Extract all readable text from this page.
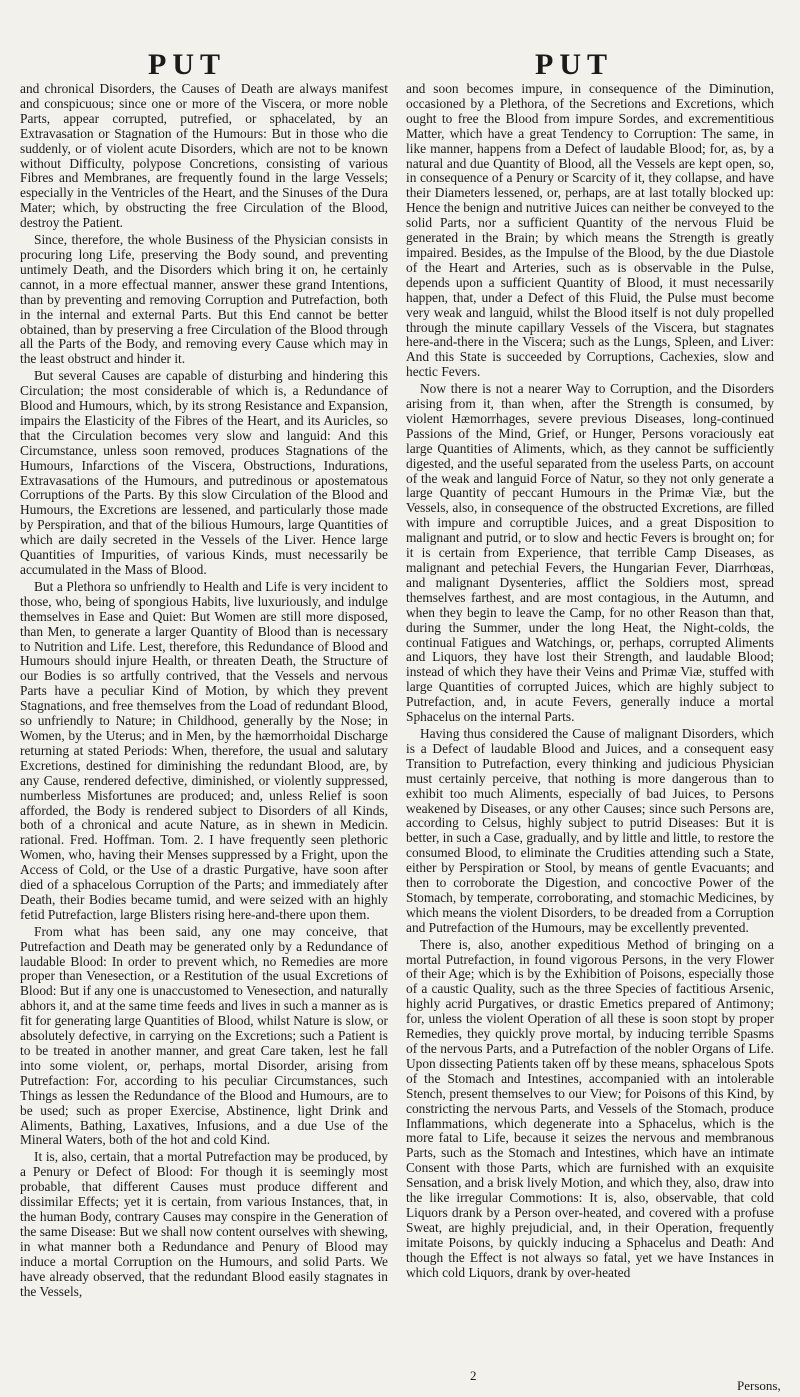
PUT	PUT

and chronical Disorders, the Causes of Death are always manifest and conspicuous; since one or more of the Viscera, or more noble Parts, appear corrupted, putrefied, or sphacelated, by an Extravasation or Stagnation of the Humours: But in those who die suddenly, or of violent acute Disorders, which are not to be known without Difficulty, polypose Concretions, consisting of various Fibres and Membranes, are frequently found in the large Vessels; especially in the Ventricles of the Heart, and the Sinuses of the Dura Mater; which, by obstructing the free Circulation of the Blood, destroy the Patient.

Since, therefore, the whole Business of the Physician consists in procuring long Life, preserving the Body sound, and preventing untimely Death, and the Disorders which bring it on, he certainly cannot, in a more effectual manner, answer these grand Intentions, than by preventing and removing Corruption and Putrefaction, both in the internal and external Parts. But this End cannot be better obtained, than by preserving a free Circulation of the Blood through all the Parts of the Body, and removing every Cause which may in the least obstruct and hinder it.

But several Causes are capable of disturbing and hindering this Circulation; the most considerable of which is, a Redundance of Blood and Humours, which, by its strong Resistance and Expansion, impairs the Elasticity of the Fibres of the Heart, and its Auricles, so that the Circulation becomes very slow and languid: And this Circumstance, unless soon removed, produces Stagnations of the Humours, Infarctions of the Viscera, Obstructions, Indurations, Extravasations of the Humours, and putredinous or apostematous Corruptions of the Parts. By this slow Circulation of the Blood and Humours, the Excretions are lessened, and particularly those made by Perspiration, and that of the bilious Humours, large Quantities of which are daily secreted in the Vessels of the Liver. Hence large Quantities of Impurities, of various Kinds, must necessarily be accumulated in the Mass of Blood.

But a Plethora so unfriendly to Health and Life is very incident to those, who, being of spongious Habits, live luxuriously, and indulge themselves in Ease and Quiet: But Women are still more disposed, than Men, to generate a larger Quantity of Blood than is necessary to Nutrition and Life. Lest, therefore, this Redundance of Blood and Humours should injure Health, or threaten Death, the Structure of our Bodies is so artfully contrived, that the Vessels and nervous Parts have a peculiar Kind of Motion, by which they prevent Stagnations, and free themselves from the Load of redundant Blood, so unfriendly to Nature; in Childhood, generally by the Nose; in Women, by the Uterus; and in Men, by the hæmorrhoidal Discharge returning at stated Periods: When, therefore, the usual and salutary Excretions, destined for diminishing the redundant Blood, are, by any Cause, rendered defective, diminished, or violently suppressed, numberless Misfortunes are produced; and, unless Relief is soon afforded, the Body is rendered subject to Disorders of all Kinds, both of a chronical and acute Nature, as in shewn in Medicin. rational. Fred. Hoffman. Tom. 2. I have frequently seen plethoric Women, who, having their Menses suppressed by a Fright, upon the Access of Cold, or the Use of a drastic Purgative, have soon after died of a sphacelous Corruption of the Parts; and immediately after Death, their Bodies became tumid, and were seized with an highly fetid Putrefaction, large Blisters rising here-and-there upon them.

From what has been said, any one may conceive, that Putrefaction and Death may be generated only by a Redundance of laudable Blood: In order to prevent which, no Remedies are more proper than Venesection, or a Restitution of the usual Excretions of Blood: But if any one is unaccustomed to Venesection, and naturally abhors it, and at the same time feeds and lives in such a manner as is fit for generating large Quantities of Blood, whilst Nature is slow, or absolutely defective, in carrying on the Excretions; such a Patient is to be treated in another manner, and great Care taken, lest he fall into some violent, or, perhaps, mortal Disorder, arising from Putrefaction: For, according to his peculiar Circumstances, such Things as lessen the Redundance of the Blood and Humours, are to be used; such as proper Exercise, Abstinence, light Drink and Aliments, Bathing, Laxatives, Infusions, and a due Use of the Mineral Waters, both of the hot and cold Kind.

It is, also, certain, that a mortal Putrefaction may be produced, by a Penury or Defect of Blood: For though it is seemingly most probable, that different Causes must produce different and dissimilar Effects; yet it is certain, from various Instances, that, in the human Body, contrary Causes may conspire in the Generation of the same Disease: But we shall now content ourselves with shewing, in what manner both a Redundance and Penury of Blood may induce a mortal Corruption on the Humours, and solid Parts. We have already observed, that the redundant Blood easily stagnates in the Vessels,

and soon becomes impure, in consequence of the Diminution, occasioned by a Plethora, of the Secretions and Excretions, which ought to free the Blood from impure Sordes, and excrementitious Matter, which have a great Tendency to Corruption: The same, in like manner, happens from a Defect of laudable Blood; for, as, by a natural and due Quantity of Blood, all the Vessels are kept open, so, in consequence of a Penury or Scarcity of it, they collapse, and have their Diameters lessened, or, perhaps, are at last totally blocked up: Hence the benign and nutritive Juices can neither be conveyed to the solid Parts, nor a sufficient Quantity of the nervous Fluid be generated in the Brain; by which means the Strength is greatly impaired. Besides, as the Impulse of the Blood, by the due Diastole of the Heart and Arteries, such as is observable in the Pulse, depends upon a sufficient Quantity of Blood, it must necessarily happen, that, under a Defect of this Fluid, the Pulse must become very weak and languid, whilst the Blood itself is not duly propelled through the minute capillary Vessels of the Viscera, but stagnates here-and-there in the Viscera; such as the Lungs, Spleen, and Liver: And this State is succeeded by Corruptions, Cachexies, slow and hectic Fevers.

Now there is not a nearer Way to Corruption, and the Disorders arising from it, than when, after the Strength is consumed, by violent Hæmorrhages, severe previous Diseases, long-continued Passions of the Mind, Grief, or Hunger, Persons voraciously eat large Quantities of Aliments, which, as they cannot be sufficiently digested, and the useful separated from the useless Parts, on account of the weak and languid Force of Natur, so they not only generate a large Quantity of peccant Humours in the Primæ Viæ, but the Vessels, also, in consequence of the obstructed Excretions, are filled with impure and corruptible Juices, and a great Disposition to malignant and putrid, or to slow and hectic Fevers is brought on; for it is certain from Experience, that terrible Camp Diseases, as malignant and petechial Fevers, the Hungarian Fever, Diarrhœas, and malignant Dysenteries, afflict the Soldiers most, spread themselves farthest, and are most contagious, in the Autumn, and when they begin to leave the Camp, for no other Reason than that, during the Summer, under the long Heat, the Night-colds, the continual Fatigues and Watchings, or, perhaps, corrupted Aliments and Liquors, they have lost their Strength, and laudable Blood; instead of which they have their Veins and Primæ Viæ, stuffed with large Quantities of corrupted Juices, which are highly subject to Putrefaction, and, in acute Fevers, generally induce a mortal Sphacelus on the internal Parts.

Having thus considered the Cause of malignant Disorders, which is a Defect of laudable Blood and Juices, and a consequent easy Transition to Putrefaction, every thinking and judicious Physician must certainly perceive, that nothing is more dangerous than to exhibit too much Aliments, especially of bad Juices, to Persons weakened by Diseases, or any other Causes; since such Persons are, according to Celsus, highly subject to putrid Diseases: But it is better, in such a Case, gradually, and by little and little, to restore the consumed Blood, to eliminate the Crudities attending such a State, either by Perspiration or Stool, by means of gentle Evacuants; and then to corroborate the Digestion, and concoctive Power of the Stomach, by temperate, corroborating, and stomachic Medicines, by which means the violent Disorders, to be dreaded from a Corruption and Putrefaction of the Humours, may be excellently prevented.

There is, also, another expeditious Method of bringing on a mortal Putrefaction, in found vigorous Persons, in the very Flower of their Age; which is by the Exhibition of Poisons, especially those of a caustic Quality, such as the three Species of factitious Arsenic, highly acrid Purgatives, or drastic Emetics prepared of Antimony; for, unless the violent Operation of all these is soon stopt by proper Remedies, they quickly prove mortal, by inducing terrible Spasms of the nervous Parts, and a Putrefaction of the nobler Organs of Life. Upon dissecting Patients taken off by these means, sphacelous Spots of the Stomach and Intestines, accompanied with an intolerable Stench, present themselves to our View; for Poisons of this Kind, by constricting the nervous Parts, and Vessels of the Stomach, produce Inflammations, which degenerate into a Sphacelus, which is the more fatal to Life, because it seizes the nervous and membranous Parts, such as the Stomach and Intestines, which have an intimate Consent with those Parts, which are furnished with an exquisite Sensation, and a brisk lively Motion, and which they, also, draw into the like irregular Commotions: It is, also, observable, that cold Liquors drank by a Person over-heated, and covered with a profuse Sweat, are highly prejudicial, and, in their Operation, frequently imitate Poisons, by quickly inducing a Sphacelus and Death: And though the Effect is not always so fatal, yet we have Instances in which cold Liquors, drank by over-heated

2
Persons,
